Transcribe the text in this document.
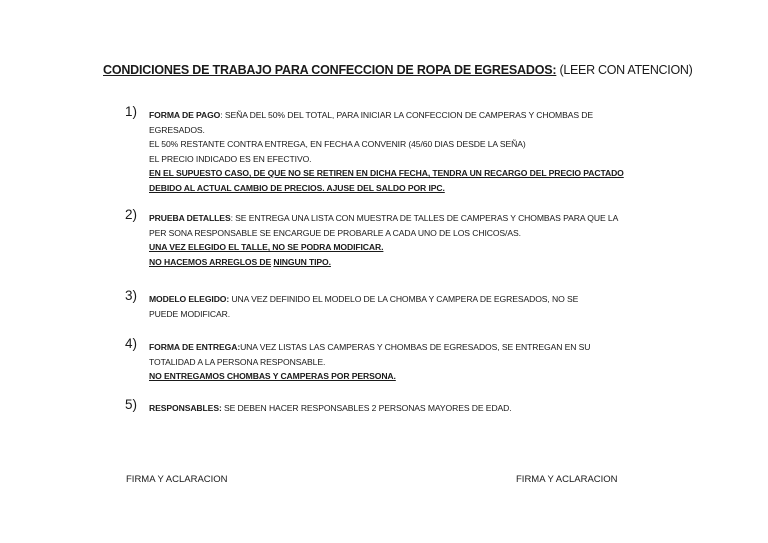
CONDICIONES DE TRABAJO PARA CONFECCION DE ROPA DE EGRESADOS: (LEER CON ATENCION)
1)	FORMA DE PAGO: SEÑA DEL 50% DEL TOTAL, PARA INICIAR LA CONFECCION DE CAMPERAS Y CHOMBAS DE
EGRESADOS.
EL 50% RESTANTE CONTRA ENTREGA, EN FECHA A CONVENIR (45/60 DIAS DESDE LA SEÑA)
EL PRECIO INDICADO ES EN EFECTIVO.
EN EL SUPUESTO CASO, DE QUE NO SE RETIREN EN DICHA FECHA, TENDRA UN RECARGO DEL PRECIO PACTADO
DEBIDO AL ACTUAL CAMBIO DE PRECIOS. AJUSE DEL SALDO POR IPC.
2)	PRUEBA DETALLES: SE ENTREGA UNA LISTA CON MUESTRA DE TALLES DE CAMPERAS Y CHOMBAS PARA QUE LA
PER SONA RESPONSABLE SE ENCARGUE DE PROBARLE A CADA UNO DE LOS CHICOS/AS.
UNA VEZ ELEGIDO EL TALLE, NO SE PODRA MODIFICAR.
NO HACEMOS ARREGLOS DE NINGUN TIPO.
3)	MODELO ELEGIDO: UNA VEZ DEFINIDO EL MODELO DE LA CHOMBA Y CAMPERA DE EGRESADOS, NO SE
PUEDE MODIFICAR.
4)	FORMA DE ENTREGA:UNA VEZ LISTAS LAS CAMPERAS Y CHOMBAS DE EGRESADOS, SE ENTREGAN EN SU
TOTALIDAD A LA PERSONA RESPONSABLE.
NO ENTREGAMOS CHOMBAS Y CAMPERAS POR PERSONA.
5)	RESPONSABLES: SE DEBEN HACER RESPONSABLES 2 PERSONAS MAYORES DE EDAD.
FIRMA Y ACLARACION	FIRMA Y ACLARACION
